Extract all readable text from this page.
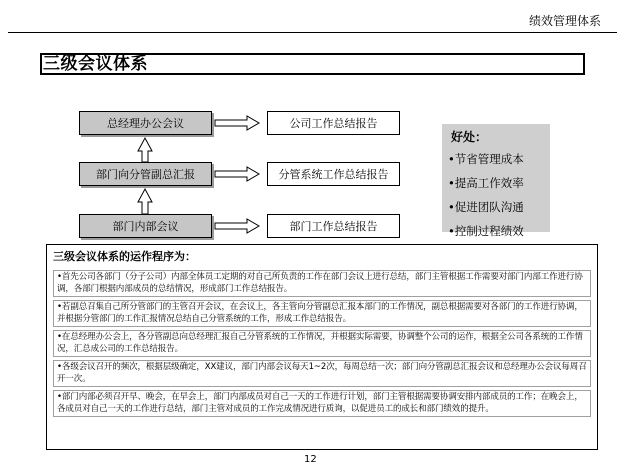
绩效管理体系
三级会议体系
总经理办公会议	公司工作总结报告
部门向分管副总汇报	分管系统工作总结报告
部门内部会议	部门工作总结报告
好处：
•节省管理成本
•提高工作效率
•促进团队沟通
•控制过程绩效
三级会议体系的运作程序为：
•首先公司各部门（分子公司）内部全体员工定期的对自己所负责的工作在部门会议上进行总结，部门主管根据工作需要对部门内部工作进行协调，各部门根据内部成员的总结情况，形成部门工作总结报告。
•若副总召集自己所分管部门的主管召开会议，在会议上，各主管向分管副总汇报本部门的工作情况，副总根据需要对各部门的工作进行协调，并根据分管部门的工作汇报情况总结自己分管系统的工作，形成工作总结报告。
•在总经理办公会上，各分管副总向总经理汇报自己分管系统的工作情况，并根据实际需要，协调整个公司的运作，根据全公司各系统的工作情况，汇总成公司的工作总结报告。
•各级会议召开的频次，根据层级确定，XX建议，部门内部会议每天1~2次，每周总结一次；部门向分管副总汇报会议和总经理办公会议每周召开一次。
•部门内部必须召开早、晚会，在早会上，部门内部成员对自己一天的工作进行计划，部门主管根据需要协调安排内部成员的工作；在晚会上，各成员对自己一天的工作进行总结，部门主管对成员的工作完成情况进行质询，以促进员工的成长和部门绩效的提升。
12
